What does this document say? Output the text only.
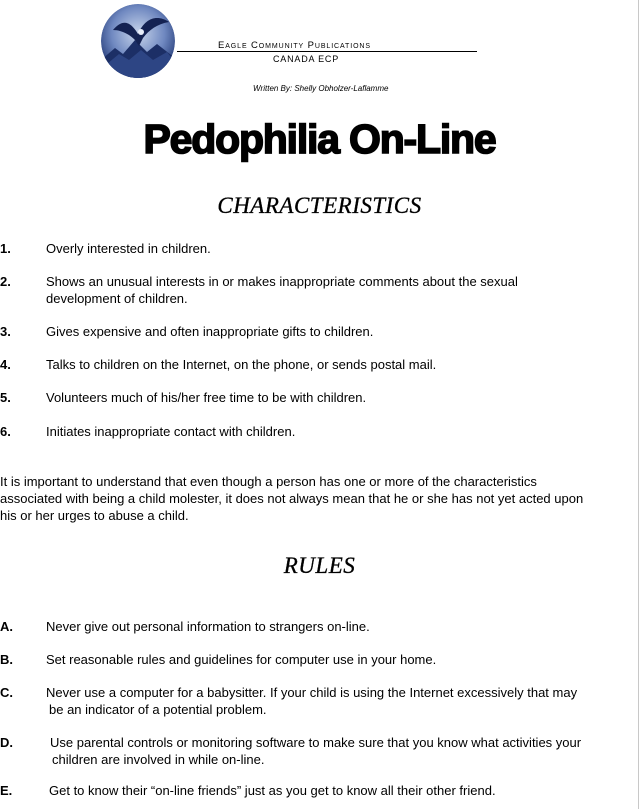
Eagle Community Publications
CANADA ECP
Written By: Shelly Obholzer-Laflamme
Pedophilia On-Line
CHARACTERISTICS
1.	Overly interested in children.
2.	Shows an unusual interests in or makes inappropriate comments about the sexual
development of children.
3.	Gives expensive and often inappropriate gifts to children.
4.	Talks to children on the Internet, on the phone, or sends postal mail.
5.	Volunteers much of his/her free time to be with children.
6.	Initiates inappropriate contact with children.
It is important to understand that even though a person has one or more of the characteristics
associated with being a child molester, it does not always mean that he or she has not yet acted upon
his or her urges to abuse a child.
RULES
A.	Never give out personal information to strangers on-line.
B.	Set reasonable rules and guidelines for computer use in your home.
C.	Never use a computer for a babysitter. If your child is using the Internet excessively that may
be an indicator of a potential problem.
D.	Use parental controls or monitoring software to make sure that you know what activities your
children are involved in while on-line.
E.	Get to know their “on-line friends” just as you get to know all their other friend.
